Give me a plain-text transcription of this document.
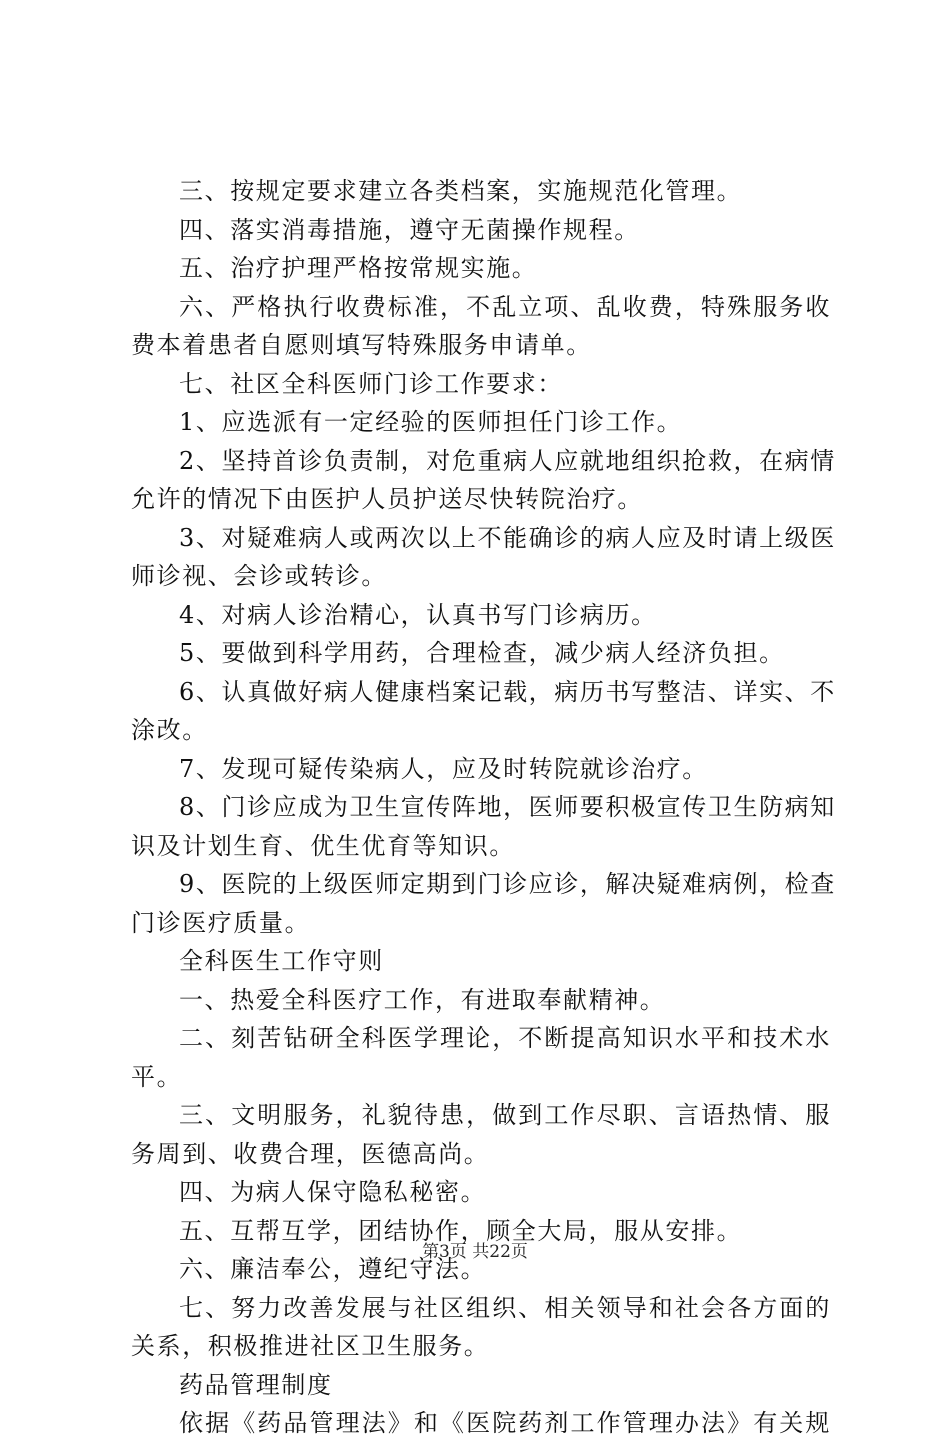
三、按规定要求建立各类档案，实施规范化管理。
四、落实消毒措施，遵守无菌操作规程。
五、治疗护理严格按常规实施。
六、严格执行收费标准，不乱立项、乱收费，特殊服务收
费本着患者自愿则填写特殊服务申请单。
七、社区全科医师门诊工作要求：
1、应选派有一定经验的医师担任门诊工作。
2、坚持首诊负责制，对危重病人应就地组织抢救，在病情
允许的情况下由医护人员护送尽快转院治疗。
3、对疑难病人或两次以上不能确诊的病人应及时请上级医
师诊视、会诊或转诊。
4、对病人诊治精心，认真书写门诊病历。
5、要做到科学用药，合理检查，减少病人经济负担。
6、认真做好病人健康档案记载，病历书写整洁、详实、不
涂改。
7、发现可疑传染病人，应及时转院就诊治疗。
8、门诊应成为卫生宣传阵地，医师要积极宣传卫生防病知
识及计划生育、优生优育等知识。
9、医院的上级医师定期到门诊应诊，解决疑难病例，检查
门诊医疗质量。
全科医生工作守则
一、热爱全科医疗工作，有进取奉献精神。
二、刻苦钻研全科医学理论，不断提高知识水平和技术水
平。
三、文明服务，礼貌待患，做到工作尽职、言语热情、服
务周到、收费合理，医德高尚。
四、为病人保守隐私秘密。
五、互帮互学，团结协作，顾全大局，服从安排。
六、廉洁奉公，遵纪守法。
七、努力改善发展与社区组织、相关领导和社会各方面的
关系，积极推进社区卫生服务。
药品管理制度
依据《药品管理法》和《医院药剂工作管理办法》有关规
第3页 共22页
